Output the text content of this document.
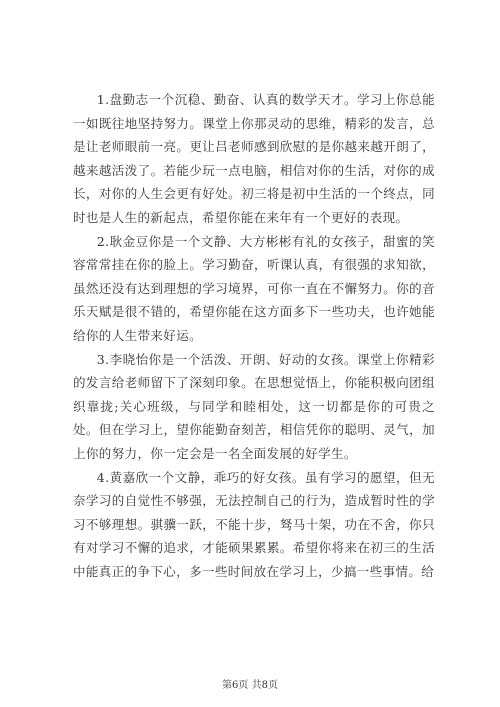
1.盘勤志一个沉稳、勤奋、认真的数学天才。学习上你总能一如既往地坚持努力。课堂上你那灵动的思维，精彩的发言，总是让老师眼前一亮。更让吕老师感到欣慰的是你越来越开朗了，越来越活泼了。若能少玩一点电脑，相信对你的生活，对你的成长，对你的人生会更有好处。初三将是初中生活的一个终点，同时也是人生的新起点，希望你能在来年有一个更好的表现。

2.耿金豆你是一个文静、大方彬彬有礼的女孩子，甜蜜的笑容常常挂在你的脸上。学习勤奋，听课认真，有很强的求知欲，虽然还没有达到理想的学习境界，可你一直在不懈努力。你的音乐天赋是很不错的，希望你能在这方面多下一些功夫，也许她能给你的人生带来好运。

3.李晓怡你是一个活泼、开朗、好动的女孩。课堂上你精彩的发言给老师留下了深刻印象。在思想觉悟上，你能积极向团组织靠拢;关心班级，与同学和睦相处，这一切都是你的可贵之处。但在学习上，望你能勤奋刻苦，相信凭你的聪明、灵气，加上你的努力，你一定会是一名全面发展的好学生。

4.黄嘉欣一个文静，乖巧的好女孩。虽有学习的愿望，但无奈学习的自觉性不够强，无法控制自己的行为，造成暂时性的学习不够理想。骐骥一跃，不能十步，驽马十架，功在不舍，你只有对学习不懈的追求，才能硕果累累。希望你将来在初三的生活中能真正的争下心，多一些时间放在学习上，少搞一些事情。给

第6页 共8页
